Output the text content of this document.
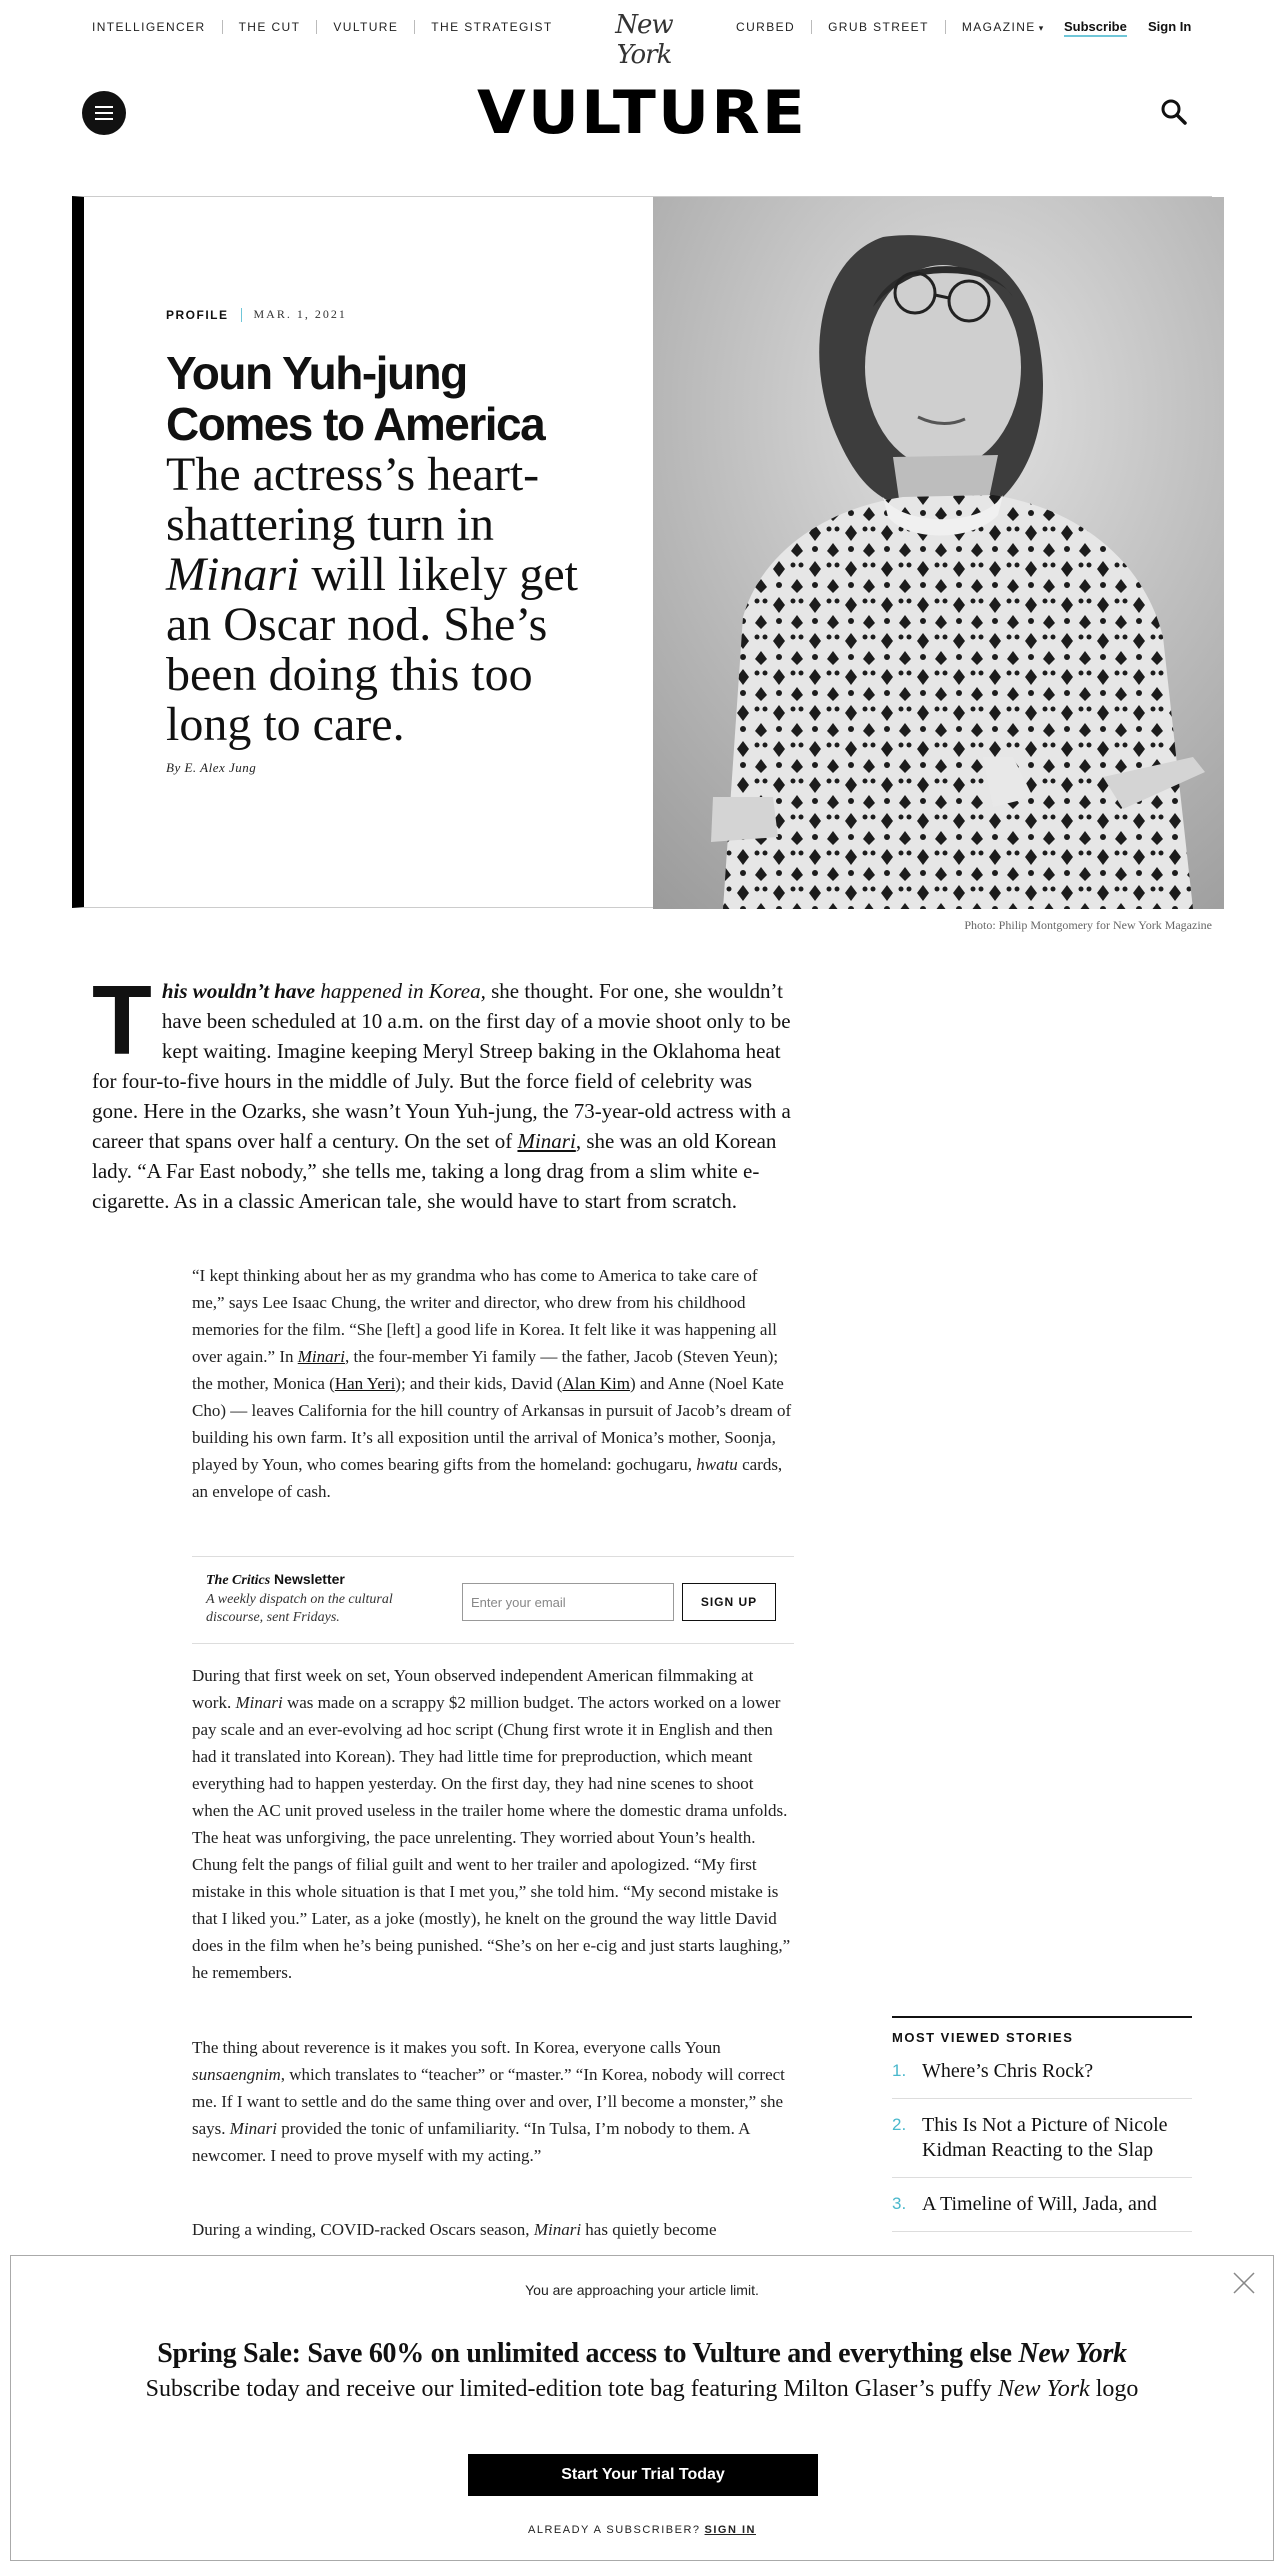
INTELLIGENCER	THE CUT	VULTURE	THE STRATEGIST	New York
CURBED	GRUB STREET	MAGAZINE ▾ Subscribe Sign In
VULTURE
PROFILE MAR. 1, 2021
Youn Yuh-jung Comes to America The actress’s heart-shattering turn in Minari will likely get an Oscar nod. She’s been doing this too long to care.
By E. Alex Jung
Photo: Philip Montgomery for New York Magazine
This wouldn’t have happened in Korea, she thought. For one, she wouldn’t have been scheduled at 10 a.m. on the first day of a movie shoot only to be kept waiting. Imagine keeping Meryl Streep baking in the Oklahoma heat for four-to-five hours in the middle of July. But the force field of celebrity was gone. Here in the Ozarks, she wasn’t Youn Yuh-jung, the 73-year-old actress with a career that spans over half a century. On the set of Minari, she was an old Korean lady. “A Far East nobody,” she tells me, taking a long drag from a slim white e-cigarette. As in a classic American tale, she would have to start from scratch.
“I kept thinking about her as my grandma who has come to America to take care of me,” says Lee Isaac Chung, the writer and director, who drew from his childhood memories for the film. “She [left] a good life in Korea. It felt like it was happening all over again.” In Minari, the four-member Yi family — the father, Jacob (Steven Yeun); the mother, Monica (Han Yeri); and their kids, David (Alan Kim) and Anne (Noel Kate Cho) — leaves California for the hill country of Arkansas in pursuit of Jacob’s dream of building his own farm. It’s all exposition until the arrival of Monica’s mother, Soonja, played by Youn, who comes bearing gifts from the homeland: gochugaru, hwatu cards, an envelope of cash.
The Critics Newsletter
A weekly dispatch on the cultural discourse, sent Fridays.
Enter your email	SIGN UP
During that first week on set, Youn observed independent American filmmaking at work. Minari was made on a scrappy $2 million budget. The actors worked on a lower pay scale and an ever-evolving ad hoc script (Chung first wrote it in English and then had it translated into Korean). They had little time for preproduction, which meant everything had to happen yesterday. On the first day, they had nine scenes to shoot when the AC unit proved useless in the trailer home where the domestic drama unfolds. The heat was unforgiving, the pace unrelenting. They worried about Youn’s health. Chung felt the pangs of filial guilt and went to her trailer and apologized. “My first mistake in this whole situation is that I met you,” she told him. “My second mistake is that I liked you.” Later, as a joke (mostly), he knelt on the ground the way little David does in the film when he’s being punished. “She’s on her e-cig and just starts laughing,” he remembers.
The thing about reverence is it makes you soft. In Korea, everyone calls Youn sunsaengnim, which translates to “teacher” or “master.” “In Korea, nobody will correct me. If I want to settle and do the same thing over and over, I’ll become a monster,” she says. Minari provided the tonic of unfamiliarity. “In Tulsa, I’m nobody to them. A newcomer. I need to prove myself with my acting.”
During a winding, COVID-racked Oscars season, Minari has quietly become
MOST VIEWED STORIES
1. Where’s Chris Rock?
2. This Is Not a Picture of Nicole Kidman Reacting to the Slap
3. A Timeline of Will, Jada, and
You are approaching your article limit.
Spring Sale: Save 60% on unlimited access to Vulture and everything else New York
Subscribe today and receive our limited-edition tote bag featuring Milton Glaser’s puffy New York logo
Start Your Trial Today
ALREADY A SUBSCRIBER? SIGN IN
